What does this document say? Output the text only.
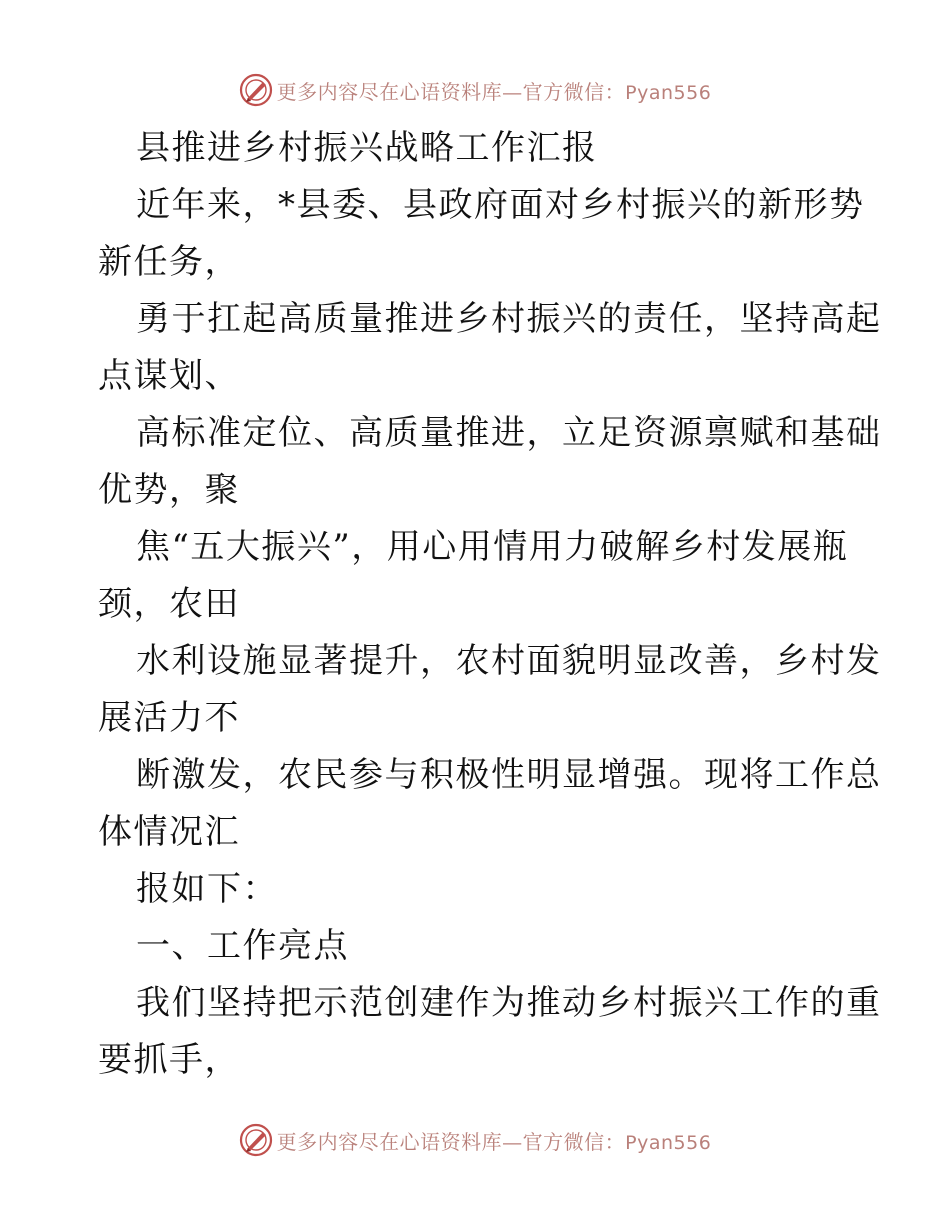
更多内容尽在心语资料库—官方微信：Pyan556
县推进乡村振兴战略工作汇报
近年来，*县委、县政府面对乡村振兴的新形势
新任务，
勇于扛起高质量推进乡村振兴的责任，坚持高起
点谋划、
高标准定位、高质量推进，立足资源禀赋和基础
优势，聚
焦“五大振兴”，用心用情用力破解乡村发展瓶
颈，农田
水利设施显著提升，农村面貌明显改善，乡村发
展活力不
断激发，农民参与积极性明显增强。现将工作总
体情况汇
报如下：
一、工作亮点
我们坚持把示范创建作为推动乡村振兴工作的重
要抓手，
更多内容尽在心语资料库—官方微信：Pyan556
